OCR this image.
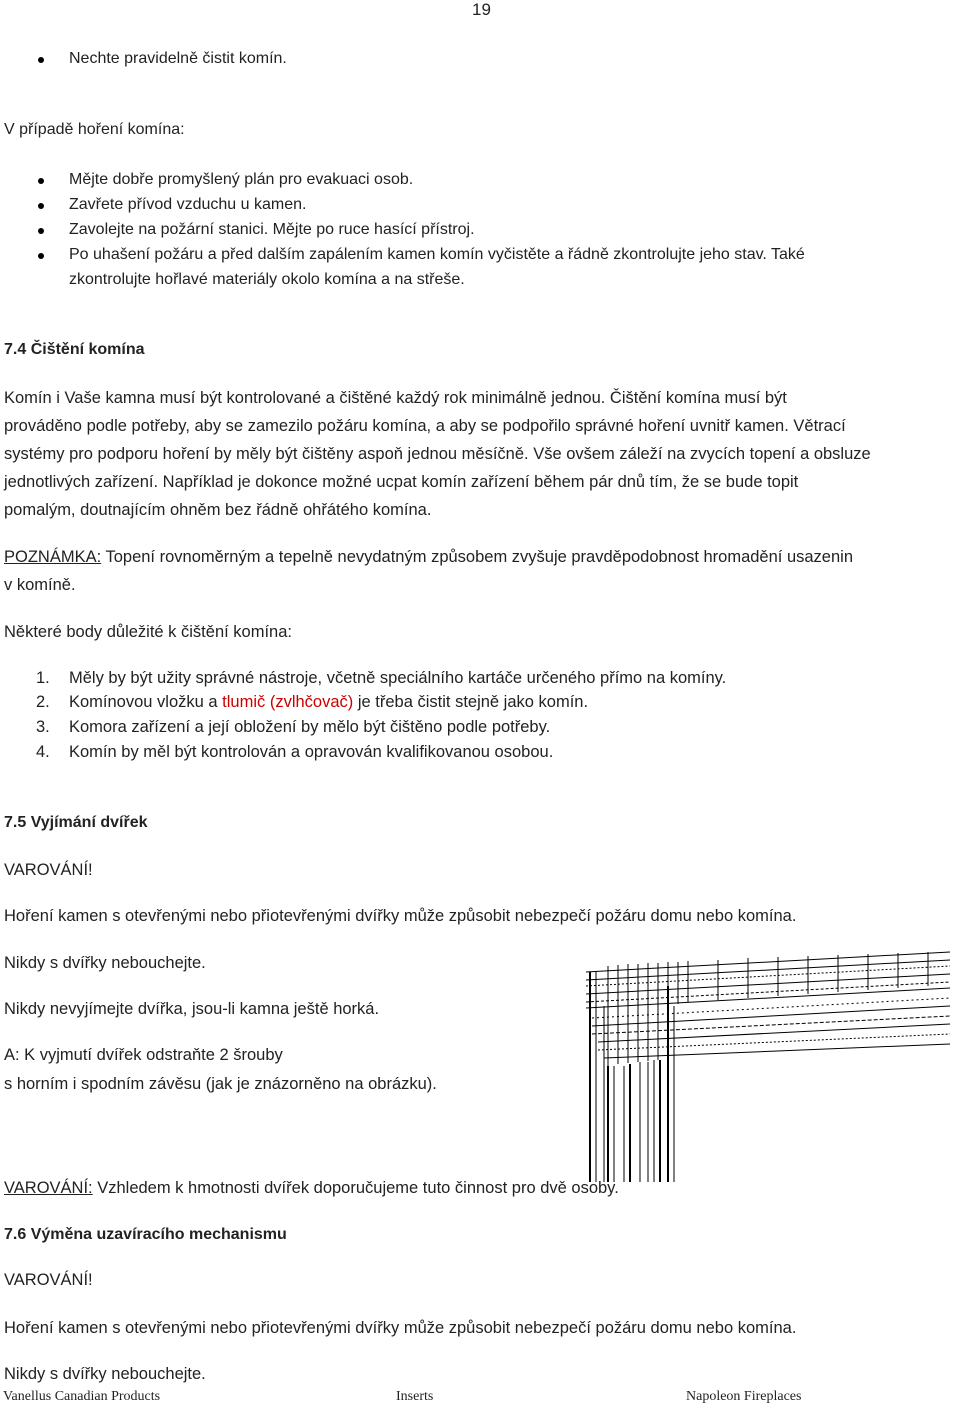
19
Nechte pravidelně čistit komín.
V případě hoření komína:
Mějte dobře promyšlený plán pro evakuaci osob.
Zavřete přívod vzduchu u kamen.
Zavolejte na požární stanici. Mějte po ruce hasící přístroj.
Po uhašení požáru a před dalším zapálením kamen komín vyčistěte a řádně zkontrolujte jeho stav. Také
zkontrolujte hořlavé materiály okolo komína a na střeše.
7.4 Čištění komína
Komín i Vaše kamna musí být kontrolované a čištěné každý rok minimálně jednou. Čištění komína musí být
prováděno podle potřeby, aby se zamezilo požáru komína, a aby se podpořilo správné hoření uvnitř kamen. Větrací
systémy pro podporu hoření by měly být čištěny aspoň jednou měsíčně. Vše ovšem záleží na zvycích topení a obsluze
jednotlivých zařízení. Například je dokonce možné ucpat komín zařízení během pár dnů tím, že se bude topit
pomalým, doutnajícím ohněm bez řádně ohřátého komína.
POZNÁMKA: Topení rovnoměrným a tepelně nevydatným způsobem zvyšuje pravděpodobnost hromadění usazenin
v komíně.
Některé body důležité k čištění komína:
1. Měly by být užity správné nástroje, včetně speciálního kartáče určeného přímo na komíny.
2. Komínovou vložku a tlumič (zvlhčovač) je třeba čistit stejně jako komín.
3. Komora zařízení a její obložení by mělo být čištěno podle potřeby.
4. Komín by měl být kontrolován a opravován kvalifikovanou osobou.
7.5 Vyjímání dvířek
VAROVÁNÍ!
Hoření kamen s otevřenými nebo přiotevřenými dvířky může způsobit nebezpečí požáru domu nebo komína.
Nikdy s dvířky nebouchejte.
Nikdy nevyjímejte dvířka, jsou-li kamna ještě horká.
A: K vyjmutí dvířek odstraňte 2 šrouby
s horním i spodním závěsu (jak je znázorněno na obrázku).
VAROVÁNÍ: Vzhledem k hmotnosti dvířek doporučujeme tuto činnost pro dvě osoby.
7.6 Výměna uzavíracího mechanismu
VAROVÁNÍ!
Hoření kamen s otevřenými nebo přiotevřenými dvířky může způsobit nebezpečí požáru domu nebo komína.
Nikdy s dvířky nebouchejte.
Vanellus Canadian Products	Inserts	Napoleon Fireplaces
